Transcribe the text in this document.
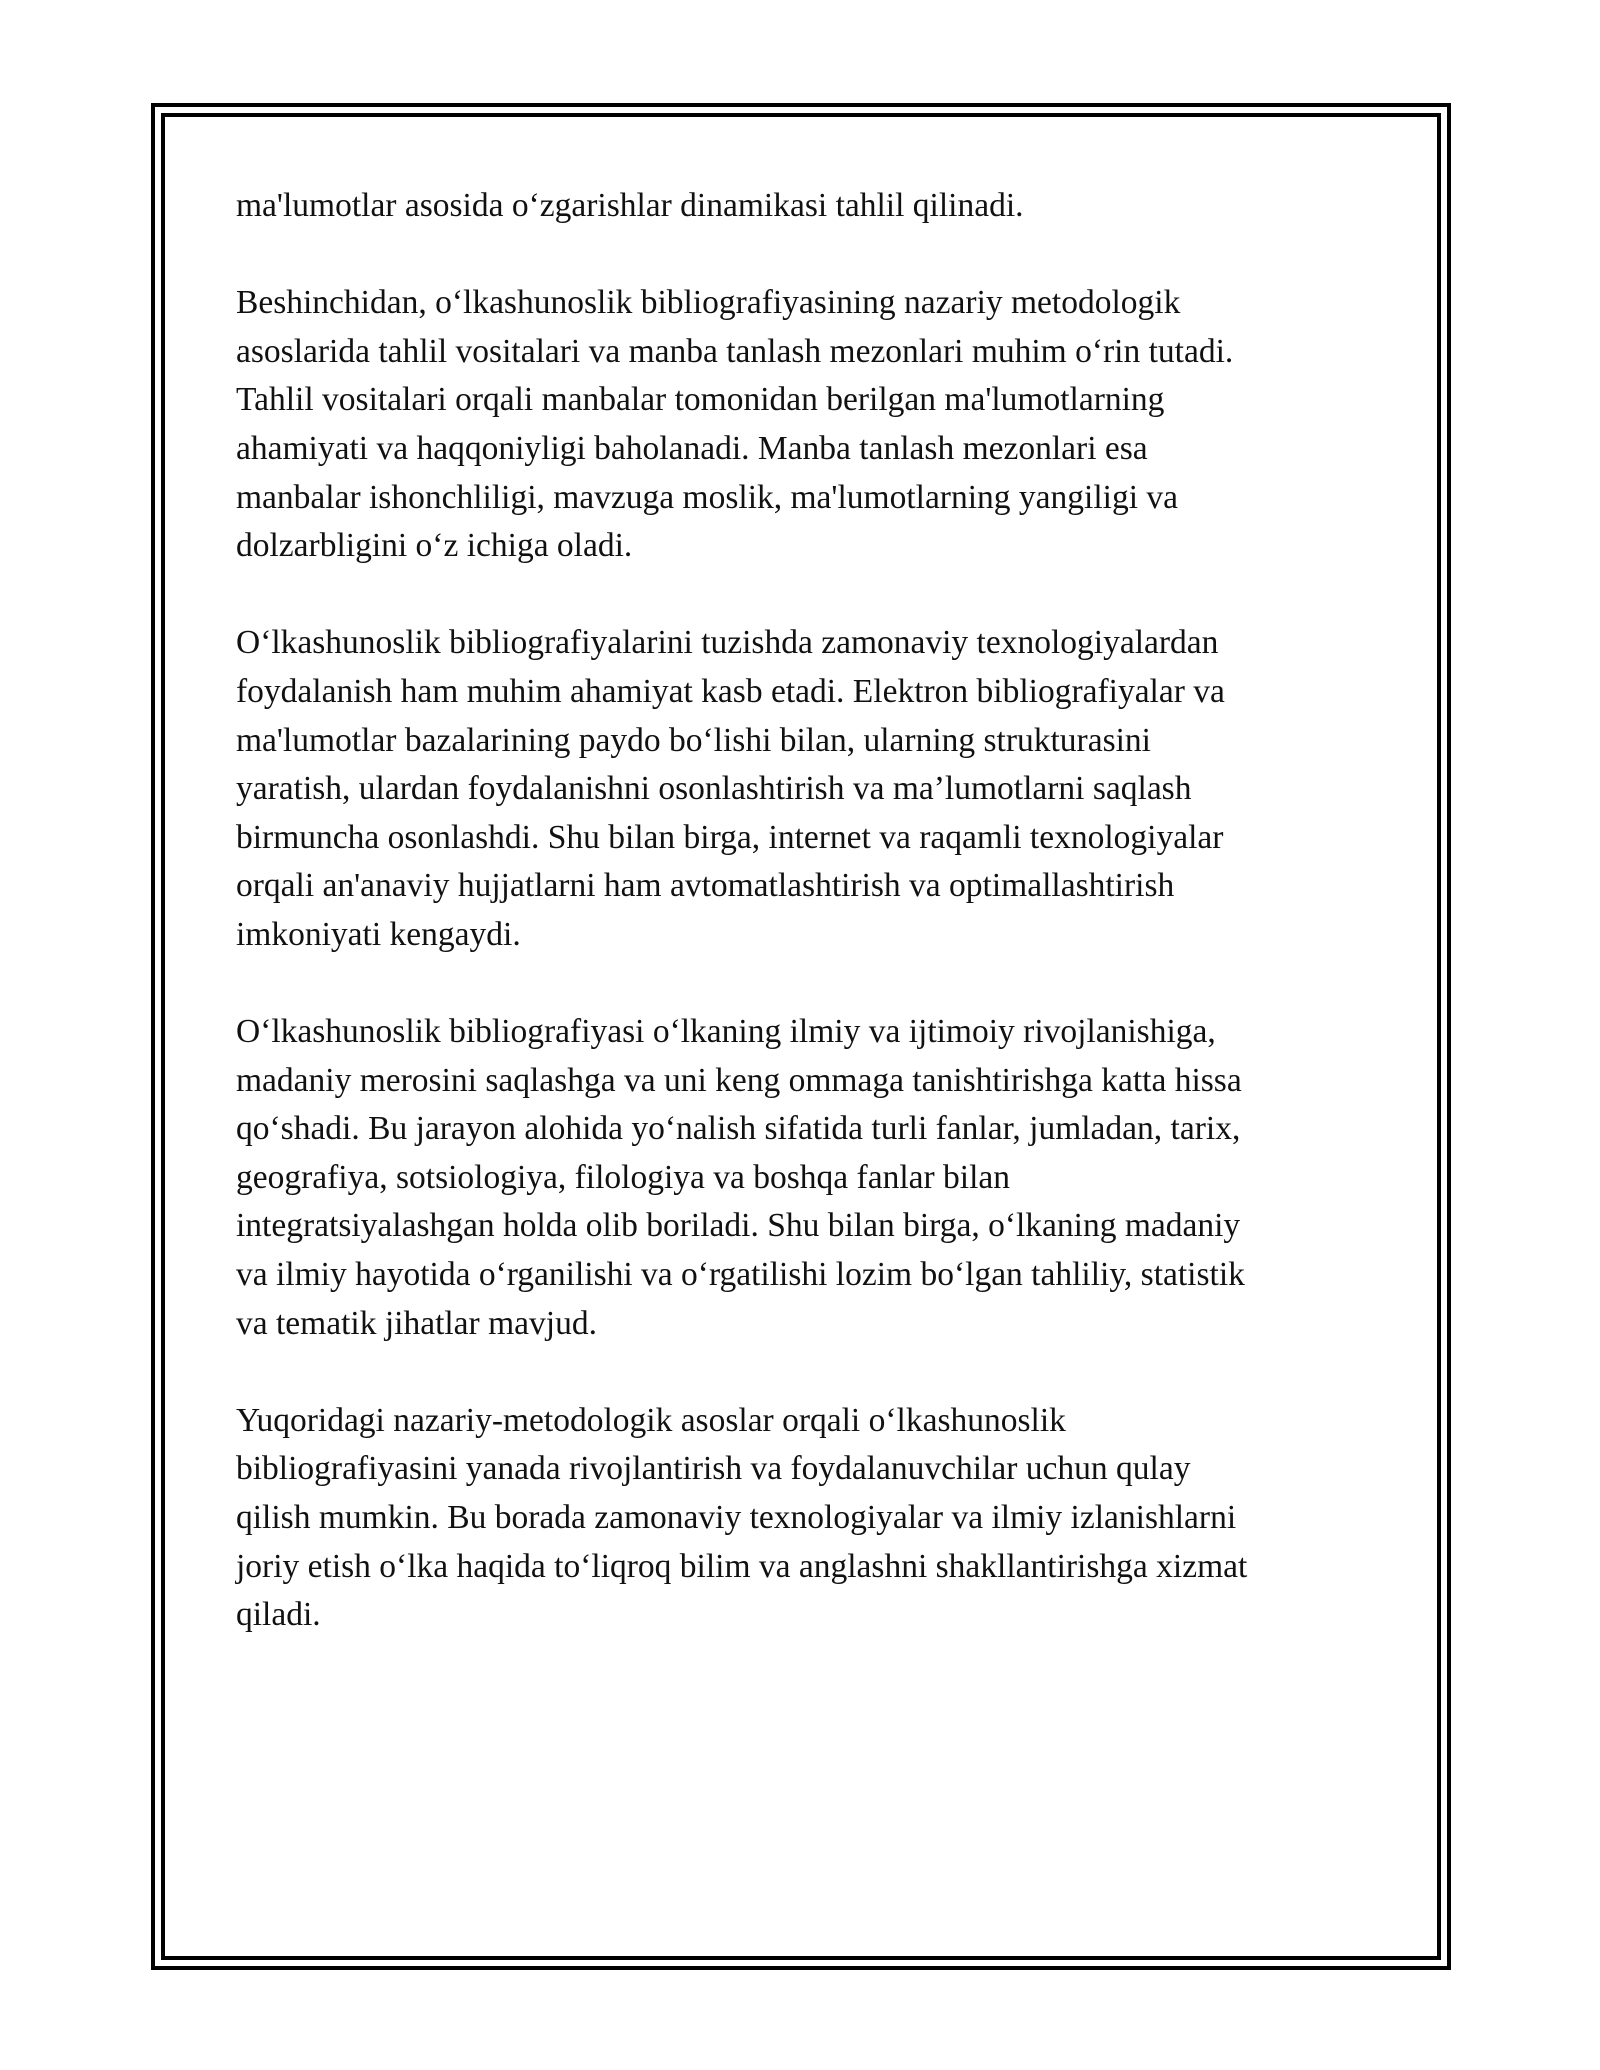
ma'lumotlar asosida oʻzgarishlar dinamikasi tahlil qilinadi.

Beshinchidan, oʻlkashunoslik bibliografiyasining nazariy metodologik
asoslarida tahlil vositalari va manba tanlash mezonlari muhim oʻrin tutadi.
Tahlil vositalari orqali manbalar tomonidan berilgan ma'lumotlarning
ahamiyati va haqqoniyligi baholanadi. Manba tanlash mezonlari esa
manbalar ishonchliligi, mavzuga moslik, ma'lumotlarning yangiligi va
dolzarbligini oʻz ichiga oladi.

Oʻlkashunoslik bibliografiyalarini tuzishda zamonaviy texnologiyalardan
foydalanish ham muhim ahamiyat kasb etadi. Elektron bibliografiyalar va
ma'lumotlar bazalarining paydo boʻlishi bilan, ularning strukturasini
yaratish, ulardan foydalanishni osonlashtirish va ma’lumotlarni saqlash
birmuncha osonlashdi. Shu bilan birga, internet va raqamli texnologiyalar
orqali an'anaviy hujjatlarni ham avtomatlashtirish va optimallashtirish
imkoniyati kengaydi.

Oʻlkashunoslik bibliografiyasi oʻlkaning ilmiy va ijtimoiy rivojlanishiga,
madaniy merosini saqlashga va uni keng ommaga tanishtirishga katta hissa
qoʻshadi. Bu jarayon alohida yoʻnalish sifatida turli fanlar, jumladan, tarix,
geografiya, sotsiologiya, filologiya va boshqa fanlar bilan
integratsiyalashgan holda olib boriladi. Shu bilan birga, oʻlkaning madaniy
va ilmiy hayotida oʻrganilishi va oʻrgatilishi lozim boʻlgan tahliliy, statistik
va tematik jihatlar mavjud.

Yuqoridagi nazariy-metodologik asoslar orqali oʻlkashunoslik
bibliografiyasini yanada rivojlantirish va foydalanuvchilar uchun qulay
qilish mumkin. Bu borada zamonaviy texnologiyalar va ilmiy izlanishlarni
joriy etish oʻlka haqida toʻliqroq bilim va anglashni shakllantirishga xizmat
qiladi.
